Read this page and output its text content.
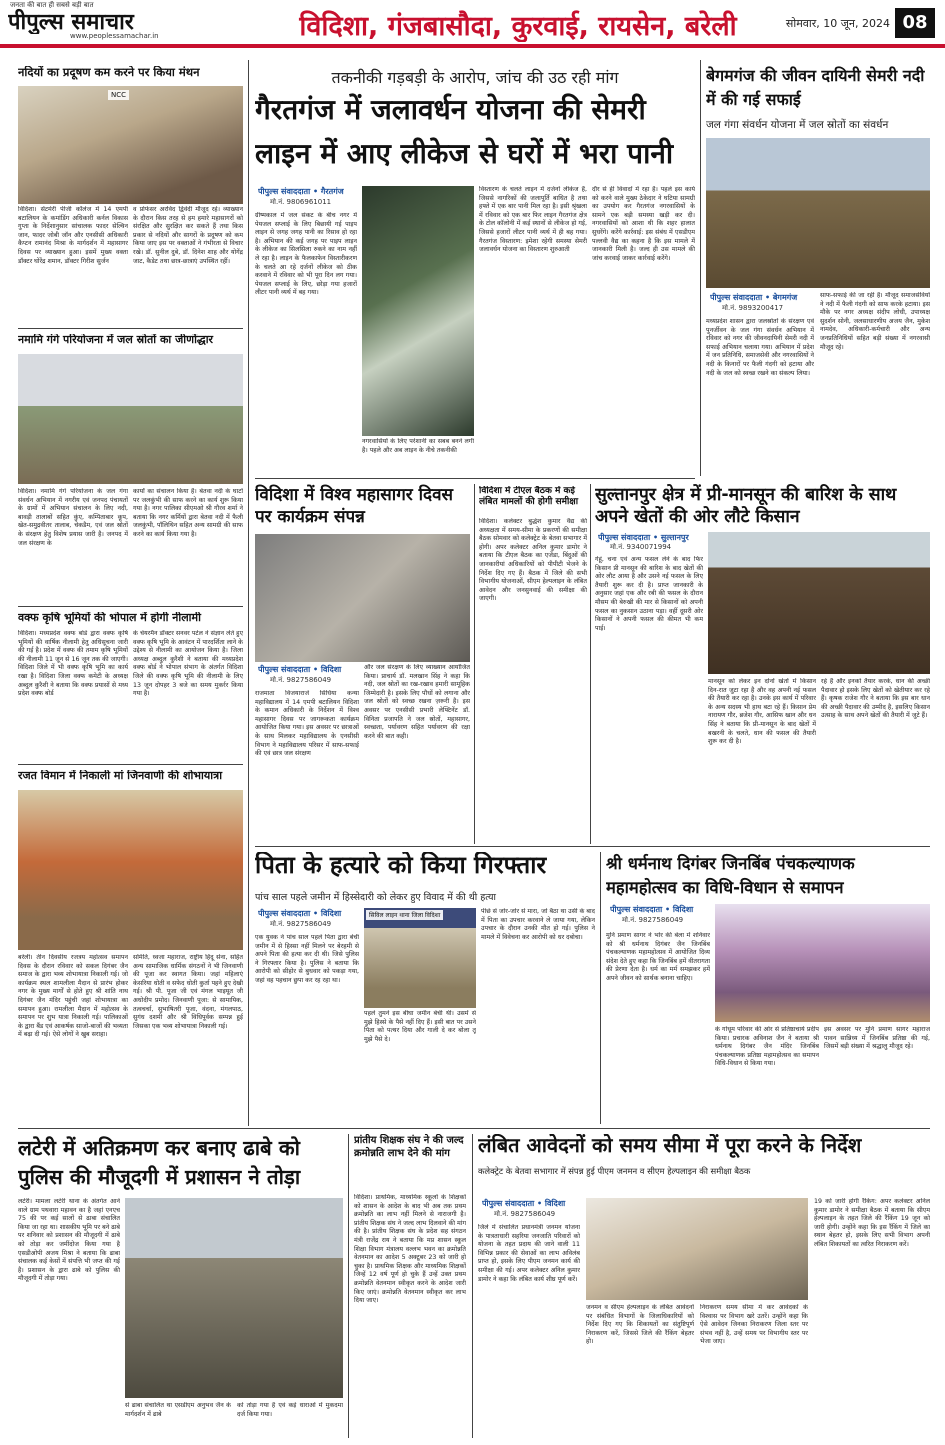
पीपुल्स समाचार
जनता की बात ही सबसे बड़ी बात
www.peoplessamachar.in	विदिशा, गंजबासौदा, कुरवाई, रायसेन, बरेली	सोमवार, 10 जून, 2024 08
नदियों का प्रदूषण कम करने पर किया मंथन
NCC
विदिशा। सेंटमेरी पीजी कॉलेज में 14 एमपी बटालियन के कमांडिंग अधिकारी कर्नल विकास गुप्ता के निर्देशानुसार सांचालक फादर सेल्विन जान, फादर जोबी जॉन और एनसीसी अधिकारी कैप्टन रामानंद मिश्रा के मार्गदर्शन में महासागर दिवस पर व्याख्यान हुआ। इसमें मुख्य वक्ता डॉक्टर घोरेंद्र शमान, डॉक्टर गिरीश सुर्जन
व प्रोफेसर अरविंद द्विवेदी मौजूद रहे। व्याख्यान के दौरान किस तरह से हम हमारे महासागरों को संरक्षित और सुरक्षित कर सकते हैं तथा किस प्रकार से नदियों और सागरों के प्रदूषण को कम किया जाए इस पर वक्ताओं ने गंभीरता से विचार रखे। डॉ. सुनील दुबे, डॉ. दिनेश शाह और योगेंद्र जाट, कैडेट तथा छात्र-छात्राएं उपस्थित रहीं।
नमामि गंगे परियोजना में जल स्रोतों का जीर्णोद्धार
विदिशा। नमामि गंगे परियोजना के जल गंगा संवर्धन अभियान में नगरीय एवं जनपद पंचायतों के ग्रामों में अभियान संचालन के लिए नदी, बावड़ी तालाबों सहित कुंए, कम्पिताबार कूप, खेत-समुद्रवीतर तालाब, चेकडैम, एवं जल स्रोतों के संरक्षण हेतु विशेष प्रयास जारी है। जनपद में जल संरक्षण के
कार्यों का संचालन किया है। बेतवा नदी के घाटों पर जलकुंभी की साफ करने का कार्य शुरू किया गया है। नगर पालिका सीएमओ श्री गौरव शर्मा ने बताया कि नगर कर्मियों द्वारा बेतवा नदी में फैली जलकुंभी, पॉलिथिन सहित अन्य सामग्री की साफ करने का कार्य किया गया है।
वक्फ कृषि भूमियों की भोपाल में होगी नीलामी
विदिशा। मध्यप्रदेश वक्फ बोर्ड द्वारा वक्फ कृषि भूमियों की वार्षिक नीलामी हेतु अधिसूचना जारी की गई है। प्रदेश में वक्फ की तमाम कृषि भूमियों की नीलामी 11 जून से 16 जून तक की जाएगी। विदिशा जिले में भी वक्फ कृषि भूमि का कार्य रखा है। विदिशा जिला वक्फ कमेटी के अध्यक्ष अब्दुल कुरैशी ने बताया कि वक्फ प्रयासों से मध्य प्रदेश वक्फ बोर्ड
के चेयरमैन डॉक्टर सनवर पटेल ने संज्ञान लेते हुए वक्फ कृषि भूमि के आवंटन में पारदर्शिता लाने के उद्देश्य से नीलामी का आयोजन किया है। जिला अध्यक्ष अब्दुल कुरैशी ने बताया की मध्यप्रदेश वक्फ बोर्ड ने भोपाल संभाग के अंतर्गत विदिशा जिले की वक्फ कृषि भूमि की नीलामी के लिए 13 जून दोपहर 3 बजे का समय मुकर्रर किया गया है।
रजत विमान में निकाली मां जिनवाणी की शोभायात्रा
बरेली। तीन दिवसीय रजत्रय महोत्सव समापन दिवस के दौरान रविवार को सकल दिगंबर जैन समाज के द्वारा भव्य शोभायात्रा निकाली गई। जो कार्यक्रम स्थल शामलीला मैदान से प्रारंभ होकर नगर के मुख्य मार्गों से होते हुए श्री शांति नाथ दिगंबर जैन मंदिर पहुंची जहां शोभायात्रा का समापन हुआ। रामलीला मैदान में महोत्सव के समापन पर शुभ यात्रा निकाली गई। पालिकाओं के द्वारा बैंड एवं आकर्षक साजो-बाजों की भव्यता में बढ़ा दी गई। ऐसे लोगों ने खुब सराहा।
समिति, ध्वजा महाराज, राष्ट्रीय हिंदू सेना, सहित अन्य सामाजिक धार्मिक संगठनों ने भी जिनवाणी की पूजा कर स्वागत किया। जहां महिलाएं केसरिया धोती व सफेद धोती कुर्ता पहने हुए देखी गई। श्री पी. पूजा जी एवं मंगल भाइयूत जी अधोदीप प्रमोद। जिनवाणी पूजा: से सामायिक, तत्वचर्चा, सुभाषितरी पूजा, वंदना, मंगलपाठ, सुगंध दशमी और श्री विधिपूर्वक सम्पन्न हुई जिसका एक भव्य शोभायात्रा निकाली गई।
तकनीकी गड़बड़ी के आरोप, जांच की उठ रही मांग
गैरतगंज में जलावर्धन योजना की सेमरी लाइन में आए लीकेज से घरों में भरा पानी
पीपुल्स संवाददाता • गैरतगंज
मो.नं. 9806961011
ग्रीष्मकाल में जल संकट के बीच नगर में पेयजल सप्लाई के लिए बिछायी गई पाइप लाइन से जगह जगह पानी का रिसाव हो रहा है। अभियान की कई जगह पर पाइप लाइन के लीकेज का सिलसिला रुकने का नाम नहीं ले रहा है। लाइन के फैलकाफेन विस्तारीकरण के चलते आ रहे दर्जनों लीकेज को ठीक करवाने में रविवार को भी पूरा दिन लग गया। पेयजल सप्लाई के लिए, छोड़ा गया हजारों लीटर पानी व्यर्थ में बह गया।
नगरवासियों के लिए परेशानी का सबब बनने लगी है। पहले और अब लाइन के नीचे तकनीकी
विस्तारण के चलते लाइन में दर्जनों लीकेज हैं, जिससे नागरिकों की जलापूर्ति बाधित है तथा हफ्ते में एक बार पानी मिल रहा है। इसी श्रृंखला में रविवार को एक बार फिर लाइन गैरतगंज क्षेत्र के टोल कॉलोनी में कई स्थानों से लीकेज हो गई, जिससे हजारों लीटर पानी व्यर्थ में ही बह गया। गैरतगंज विस्तारण: इमेशा रहेगी समस्या सेमरी जलावर्धन योजना का विस्तारण शुरुआती
दौर से ही विवादों में रहा है। पहले इस कार्य को करने वाले मुख्य ठेकेदार ने घटिया सामग्री का उपयोग कर गैरतगंज नगरवासियों के सामने एक बड़ी समस्या खड़ी कर दी। नगरवासियों को आशा थी कि शहर हालात सुधरेंगे। करेंगे कार्रवाई: इस संबंध में एसडीएम पल्लवी वैद्य का कहना है कि इस मामले में जानकारी मिली है। जल्द ही उस मामले की जांच करवाई जाकर कार्रवाई करेंगे।
विदिशा में विश्व महासागर दिवस पर कार्यक्रम संपन्न
पीपुल्स संवाददाता • विदिशा
मो.नं. 9827586049
राजमाता विजयाराजे सिंधिया कन्या महाविद्यालय में 14 एमपी बटालियन विदिशा के कमान अधिकारी के निर्देशन में विश्व महासागर दिवस पर जागरूकता कार्यक्रम आयोजित किया गया। इस अवसर पर छात्राओं के साथ मिलकर महाविद्यालय के एनसीसी विभाग ने महाविद्यालय परिसर में साफ-सफाई की एवं छात्र जल संरक्षण
और जल संरक्षण के लिए व्याख्यान आयोजित किया। प्राचार्य डॉ. मलखान सिंह ने कहा कि नदी, जल स्रोतों का रख-रखाव हमारी सामूहिक जिम्मेदारी है। इसके लिए पौधों को लगाना और जल स्रोतों को स्वच्छ रखना ज़रूरी है। इस अवसर पर एनसीसी प्रभारी लेफ्टिनेंट डॉ. विनिता प्रजापति ने जल स्रोतों, महासागर, स्वच्छता, पर्यावरण सहित पर्यावरण की रक्षा करने की बात कही।
विदिशा में टीएल बैठक में कई लंबित मामलों की होगी समीक्षा
विदिशा। कलेक्टर बुद्धेश कुमार वैद्य की अध्यक्षता में समय-सीमा के प्रकरणों की समीक्षा बैठक सोमवार को कलेक्ट्रेट के बेतवा सभागार में होगी। अपर कलेक्टर अनिल कुमार डामोर ने बताया कि टीएल बैठक का एजेंडा, बिंदुओं की जानकारीयां अधिकारियों को पीपीटी भेजने के निर्देश दिए गए हैं। बैठक में जिले की सभी विभागीय योजनाओं, सीएम हेल्पलाइन के लंबित आवेदन और जनसुनवाई की समीक्षा की जाएगी।
सुल्तानपुर क्षेत्र में प्री-मानसून की बारिश के साथ अपने खेतों की ओर लौटे किसान
पीपुल्स संवाददाता • सुल्तानपुर
मो.नं. 9340071994
गेहूं, चना एवं अन्य फसल लेने के बाद फिर किसान प्री मानसून की बारिश के बाद खेतों की ओर लौट आया है और उसने नई फसल के लिए तैयारी शुरू कर दी है। प्राप्त जानकारी के अनुसार जहां एक और रबी की फसल के दौरान मौसम की बेरुखी की मार से किसानों को अपनी फसल का नुकसान उठाना पड़ा। वहीं दूसरी ओर किसानों ने अपनी फसल की कीमत भी कम पाई।
मानसून को लेकर इन दोनों खेतों में किसान दिन-रात जुटा रहा है और वह अपनी नई फसल की तैयारी कर रहा है। उनके इस कार्य में परिवार के अन्य सदस्य भी हाथ बटा रहे हैं। किसान प्रेम नारायण गौर, ब्रजेश गौर, आसिफ खान और धन सिंह ने बताया कि प्री-मानसून के बाद खेतों में बखरनी के चलते, धान की फसल की तैयारी शुरू कर दी है।
रहे हैं और इनको तैयार करके, धान की अच्छी पैदावार हो इसके लिए खेतों को खेतीयार कर रहे हैं। कृषक राजेश गौर ने बताया कि इस बार धान की अच्छी पैदावार की उम्मीद है, इसलिए किसान उत्साह के साथ अपने खेतों की तैयारी में जुटे हैं।
बेगमगंज की जीवन दायिनी सेमरी नदी में की गई सफाई
जल गंगा संवर्धन योजना में जल स्रोतों का संवर्धन
पीपुल्स संवाददाता • बेगमगंज
मो.नं. 9893200417
मध्यप्रदेश शासन द्वारा जलस्रोतों के संरक्षण एवं पुनर्जीवन के जल गंगा संवर्धन अभियान में रविवार को नगर की जीवनदायिनी सेमरी नदी में सफाई अभियान चलाया गया। अभियान में प्रदेश में जन प्रतिनिधि, समाजसेवी और नगरवासियों ने नदी के किनारों पर फैली गंदगी को हटाया और नदी के जल को स्वच्छ रखने का संकल्प लिया।
साफ-सफाई की जा रही है। मौजूद समाजसेवियों ने नदी में फैली गंदगी को साफ करके हटाया। इस मौके पर नगर अध्यक्ष संदीप लोधी, उपाध्यक्ष सुदर्शन सोनी, जलसाधारणीय अजय जैन, मुकेश नामदेव, अधिकारी-कर्मचारी और अन्य जनप्रतिनिधियों सहित बड़ी संख्या में नगरवासी मौजूद रहे।
पिता के हत्यारे को किया गिरफ्तार
पांच साल पहले जमीन में हिस्सेदारी को लेकर हुए विवाद में की थी हत्या
पीपुल्स संवाददाता • विदिशा
मो.नं. 9827586049
एक युवक ने पांच साल पहले पिता द्वारा बेची जमीन में से हिस्सा नहीं मिलने पर बेरहमी से अपने पिता की हत्या कर दी थी। जिसे पुलिस ने गिरफ्तार किया है। पुलिस ने बताया कि आरोपी को सीहोर से बुधवार को पकड़ा गया, जहां वह पहचान छुपा कर रह रहा था।
सिविल लाइन थाना जिला विदिशा
पहले तुमने इस बीघा जमीन बेची थी। उसमें से मुझे हिस्से के पैसे नहीं दिए हैं। इसी बात पर उसने पिता को पत्थर दिया और गाली दे कर बोला तू मुझे पैसे दे।
पीछे से जोर-जोर से मारा, जो बैठा था उसी के बाद में पिता का उपचार करवाने ले जाया गया, लेकिन उपचार के दौरान उनकी मौत हो गई। पुलिस ने मामले में विवेचना कर आरोपी को धर दबोचा।
श्री धर्मनाथ दिगंबर जिनबिंब पंचकल्याणक महामहोत्सव का विधि-विधान से समापन
पीपुल्स संवाददाता • विदिशा
मो.नं. 9827586049
मुनि प्रमाण सागर ने भोर की बेला में शनिवार को श्री धर्मनाथ दिगंबर जैन जिनबिंब पंचकल्याणक महामहोत्सव में आयोजित दिव्य संदेश देते हुए कहा कि जिनबिंब हमें वीतरागता की प्रेरणा देता है। धर्म का मर्म समझकर हमें अपने जीवन को सार्थक बनाना चाहिए।
के गोधूम परिवार की ओर से प्रतिष्ठाचार्य प्रदीप किया। प्रचारक अविनाश जैन ने बताया श्री धर्मनाथ दिगंबर जैन मंदिर जिनबिंब पंचकल्याणक प्रतिष्ठा महामहोत्सव का समापन विधि-विधान से किया गया।
इस अवसर पर मुनि प्रमाण सागर महाराज पावन सान्निध्य में जिनबिंब प्रतिष्ठा की गई, जिसमें बड़ी संख्या में श्रद्धालु मौजूद रहे।
लटेरी में अतिक्रमण कर बनाए ढाबे को पुलिस की मौजूदगी में प्रशासन ने तोड़ा
लटेरी। मामला लटेरी थाना के अंतर्गत आने वाले ग्राम पथवारा महावन का है जहां एनएच 75 की पर कई सालों से ढाबा संचालित किया जा रहा था। शासकीय भूमि पर बने ढाबे पर शनिवार को प्रशासन की मौजूदगी में ढाबे को तोड़ा कर जमींदोज किया गया है एसडीओपी अजय मिश्रा ने बताया कि ढाबा संचालक कई केसों में संपत्ति भी जप्त की गई है। प्रशासन के द्वारा ढाबे को पुलिस की मौजूदगी में तोड़ा गया।
से ढाबा संचालित था एसडीएम अनुभव जैन के मार्गदर्शन में ढाबे
को तोड़ा गया है एवं कई धाराओं में मुकदमा दर्ज किया गया।
प्रांतीय शिक्षक संघ ने की जल्द क्रमोन्नति लाभ देने की मांग
विदिशा। प्राथमिक, माध्यमिक स्कूलों के शिक्षकों को शासन के आदेश के बाद भी अब तक प्रथम क्रमोन्नति का लाभ नहीं मिलने से नाराजगी है। प्रांतीय शिक्षक संघ ने जल्द लाभ दिलवाने की मांग की है। प्रांतीय शिक्षक संघ के प्रदेश सह संगठन मंत्री राजेंद्र राय ने बताया कि मप्र शासन स्कूल शिक्षा विभाग मंत्रालय वल्लभ भवन का क्रमोन्नति वेतनमान का आदेश 5 अक्टूबर 23 को जारी हो चुका है। प्राथमिक शिक्षक और माध्यमिक शिक्षकों जिन्हें 12 वर्ष पूर्ण हो चुके हैं उन्हें उक्त प्रथम क्रमोन्नति वेतनमान स्वीकृत करने के आदेश जारी किए जाएं। क्रमोन्नति वेतनमान स्वीकृत कर लाभ दिया जाए।
लंबित आवेदनों को समय सीमा में पूरा करने के निर्देश
कलेक्ट्रेट के बेतवा सभागार में संपन्न हुई पीएम जनमन व सीएम हेल्पलाइन की समीक्षा बैठक
पीपुल्स संवाददाता • विदिशा
मो.नं. 9827586049
जिले में संचालित प्रधानमंत्री जनमन योजना के पात्रताधारी सहरिया जनजाति परिवारों को योजना के तहत प्रदाय की जाने वाली 11 विभिन्न प्रकार की सेवाओं का लाभ अविलंब प्राप्त हो, इसके लिए पीएम जनमन कार्य की समीक्षा की गई। अपर कलेक्टर अनिल कुमार डामोर ने कहा कि लंबित कार्य शीघ्र पूर्ण करें।
जनमन व सीएम हेल्पलाइन के लंबित आवेदनों पर संबंधित विभागों के जिलाधिकारियों को निर्देश दिए गए कि शिकायतों का संतुष्टिपूर्ण निराकरण करें, जिससे जिले की रैंकिंग बेहतर हो।
निराकरण समय सीमा में कर आवेदकों के विश्वास पर विभाग खरे उतरें। उन्होंने कहा कि ऐसे आवेदन जिनका निराकरण जिला स्तर पर संभव नहीं है, उन्हें समय पर विभागीय स्तर पर भेजा जाए।
19 को जारी होगी रैंकिंग: अपर कलेक्टर अनिल कुमार डामोर ने समीक्षा बैठक में बताया कि सीएम हेल्पलाइन के तहत जिले की रैंकिंग 19 जून को जारी होगी। उन्होंने कहा कि इस रैंकिंग में जिले का स्थान बेहतर हो, इसके लिए सभी विभाग अपनी लंबित शिकायतों का त्वरित निराकरण करें।
